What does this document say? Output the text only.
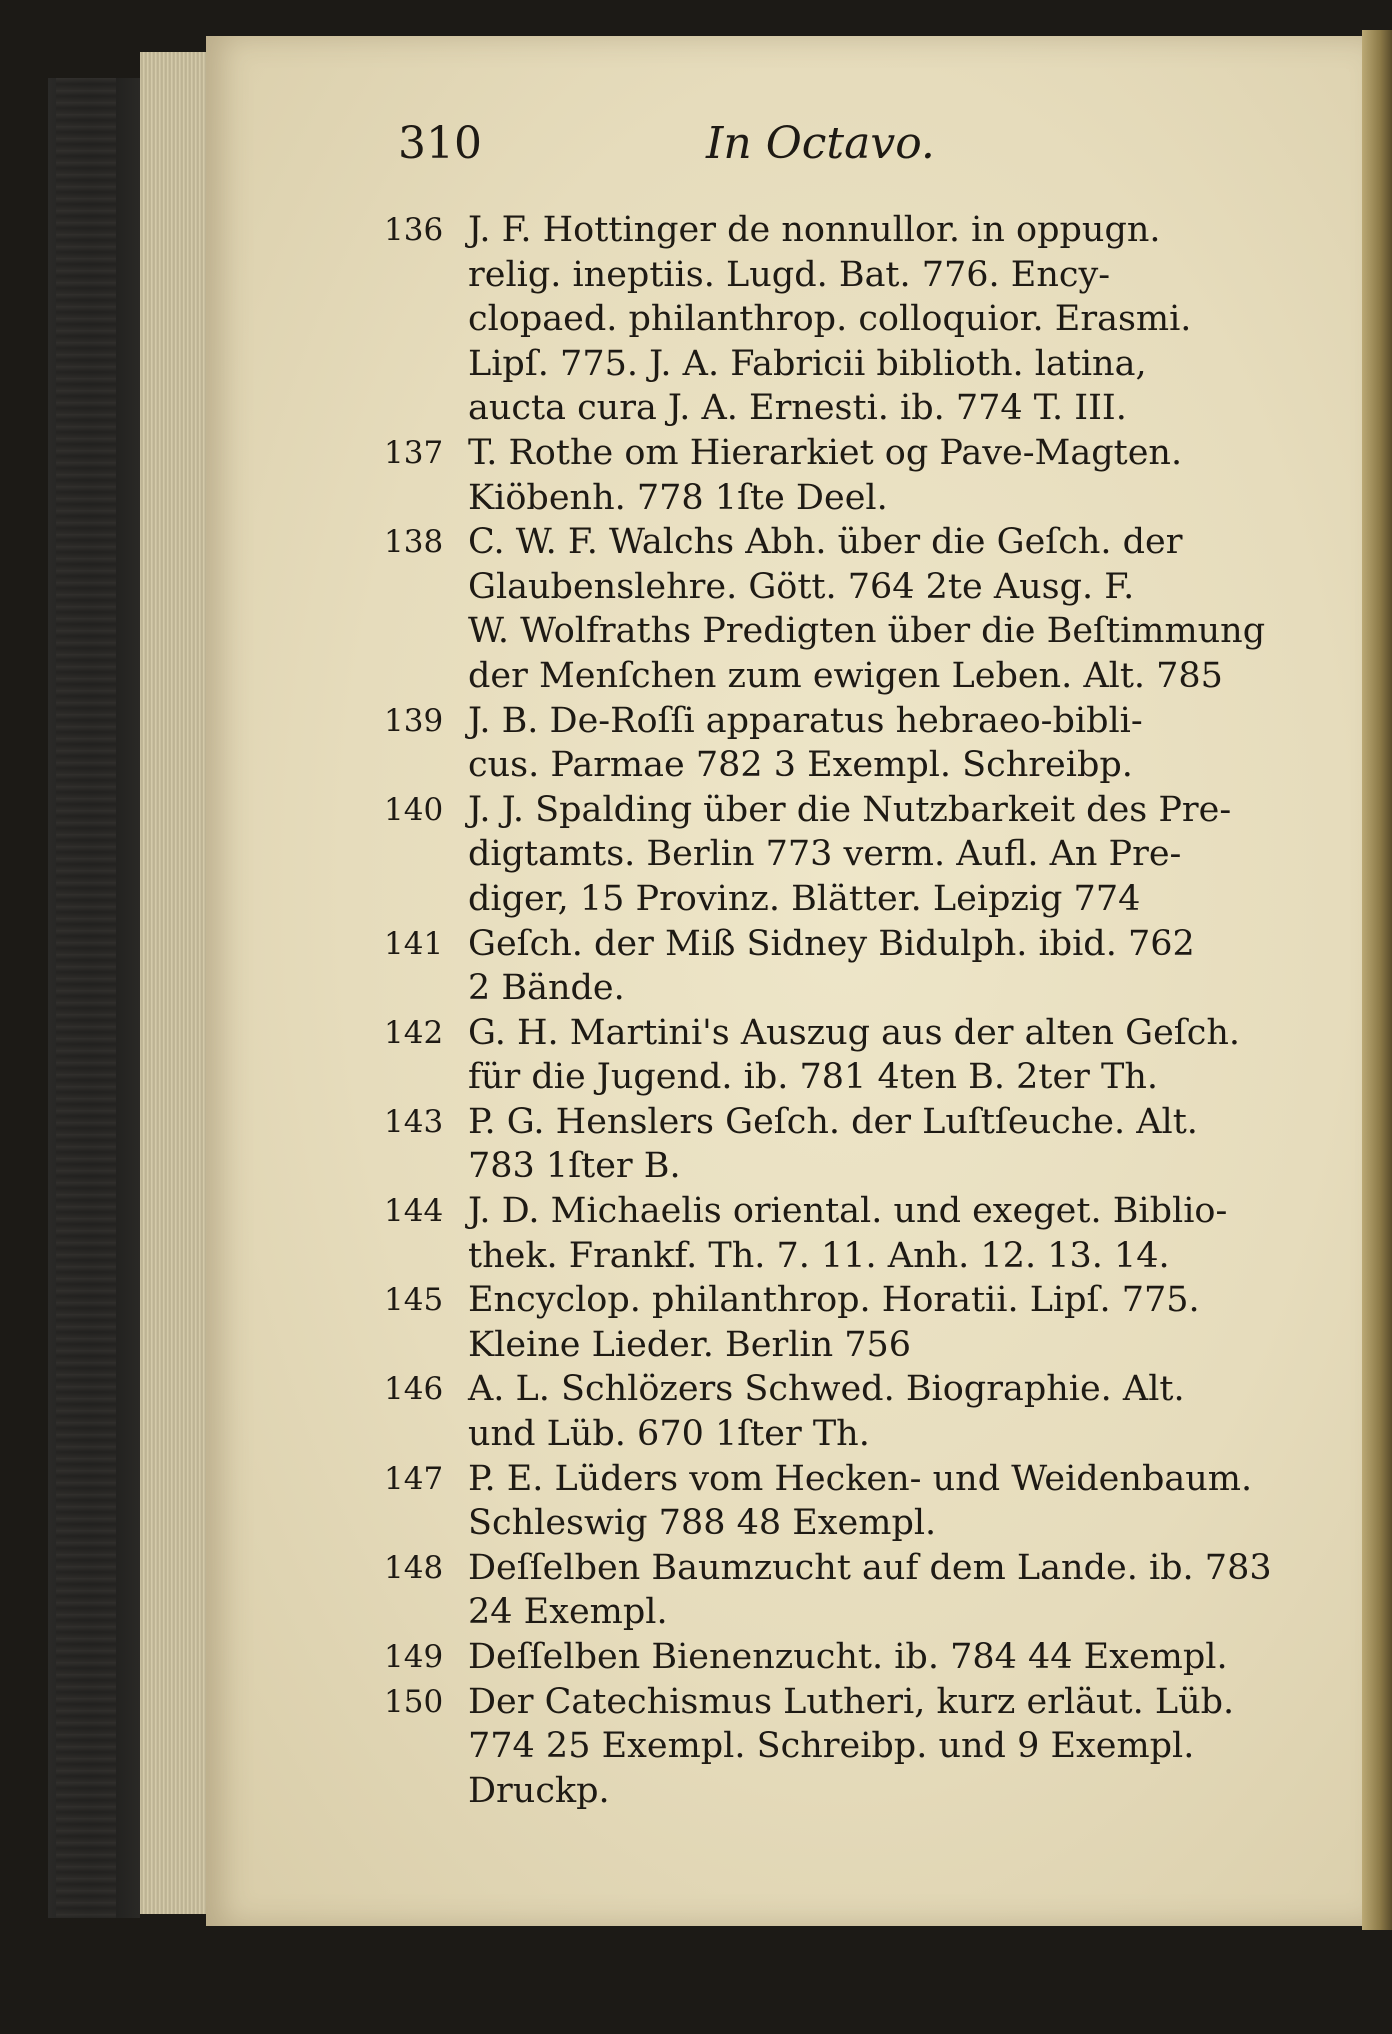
310	In Octavo.
136 J. F. Hottinger de nonnullor. in oppugn.
relig. ineptiis. Lugd. Bat. 776. Ency-
clopaed. philanthrop. colloquior. Erasmi.
Lipſ. 775. J. A. Fabricii biblioth. latina,
aucta cura J. A. Ernesti. ib. 774 T. III.
137 T. Rothe om Hierarkiet og Pave-Magten.
Kiöbenh. 778 1ſte Deel.
138 C. W. F. Walchs Abh. über die Geſch. der
Glaubenslehre. Gött. 764 2te Ausg. F.
W. Wolfraths Predigten über die Beſtimmung
der Menſchen zum ewigen Leben. Alt. 785
139 J. B. De-Roſſi apparatus hebraeo-bibli-
cus. Parmae 782 3 Exempl. Schreibp.
140 J. J. Spalding über die Nutzbarkeit des Pre-
digtamts. Berlin 773 verm. Aufl. An Pre-
diger, 15 Provinz. Blätter. Leipzig 774
141 Geſch. der Miß Sidney Bidulph. ibid. 762
2 Bände.
142 G. H. Martini's Auszug aus der alten Geſch.
für die Jugend. ib. 781 4ten B. 2ter Th.
143 P. G. Henslers Geſch. der Luſtſeuche. Alt.
783 1ſter B.
144 J. D. Michaelis oriental. und exeget. Biblio-
thek. Frankf. Th. 7. 11. Anh. 12. 13. 14.
145 Encyclop. philanthrop. Horatii. Lipſ. 775.
Kleine Lieder. Berlin 756
146 A. L. Schlözers Schwed. Biographie. Alt.
und Lüb. 670 1ſter Th.
147 P. E. Lüders vom Hecken- und Weidenbaum.
Schleswig 788 48 Exempl.
148 Deſſelben Baumzucht auf dem Lande. ib. 783
24 Exempl.
149 Deſſelben Bienenzucht. ib. 784 44 Exempl.
150 Der Catechismus Lutheri, kurz erläut. Lüb.
774 25 Exempl. Schreibp. und 9 Exempl.
Druckp.
